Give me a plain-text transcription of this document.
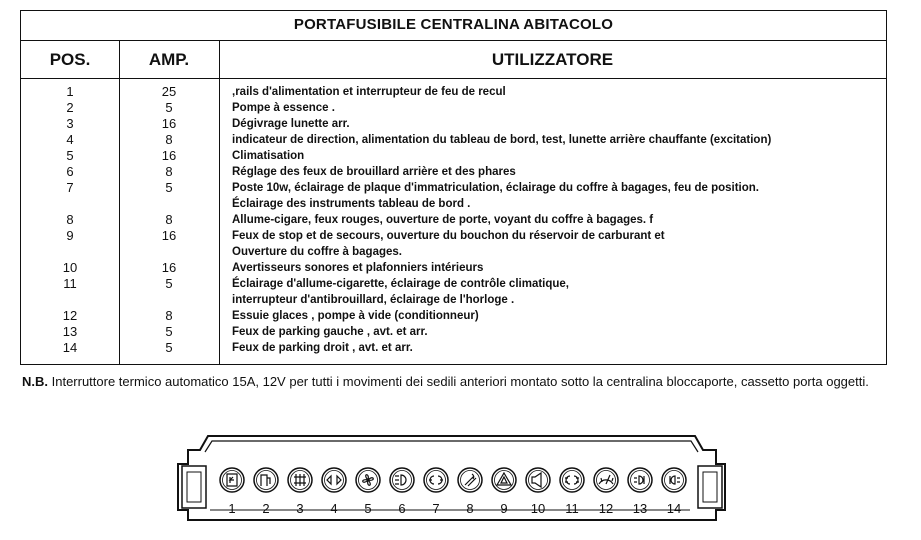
PORTAFUSIBILE CENTRALINA ABITACOLO
POS.	AMP.	UTILIZZATORE
1	25	,rails d'alimentation et interrupteur de feu de recul
2	5	Pompe à essence .
3	16	Dégivrage lunette arr.
4	8	indicateur de direction, alimentation du tableau de bord, test, lunette arrière chauffante (excitation)
5	16	Climatisation
6	8	Réglage des feux de brouillard arrière et des phares
7	5	Poste 10w, éclairage de plaque d'immatriculation, éclairage du coffre à bagages, feu de position.
Éclairage des instruments tableau de bord .
8	8	Allume-cigare, feux rouges, ouverture de porte, voyant du coffre à bagages. f
9	16	Feux de stop et de secours, ouverture du bouchon du réservoir de carburant et
Ouverture du coffre à bagages.
10	16	Avertisseurs sonores et plafonniers intérieurs
11	5	Éclairage d'allume-cigarette, éclairage de contrôle climatique,
interrupteur d'antibrouillard, éclairage de l'horloge .
12	8	Essuie glaces , pompe à vide (conditionneur)
13	5	Feux de parking gauche , avt. et arr.
14	5	Feux de parking droit , avt. et arr.
N.B. Interruttore termico automatico 15A, 12V per tutti i movimenti dei sedili anteriori montato sotto la centralina bloccaporte, cassetto porta oggetti.
1	2	3	4	5	6	7	8	9	10 11 12 13 14
